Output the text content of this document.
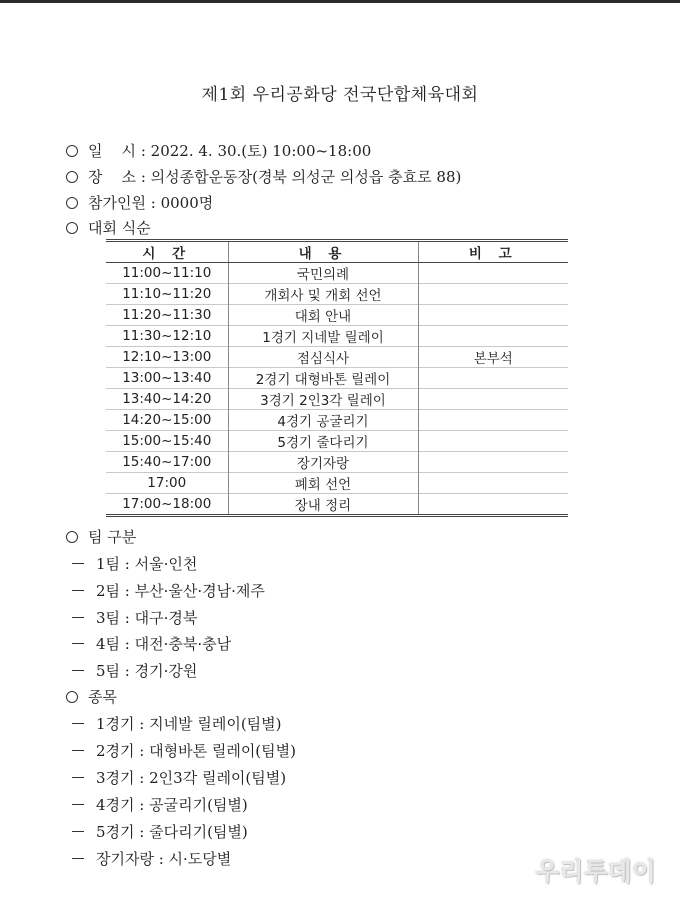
제1회 우리공화당 전국단합체육대회
일    시 : 2022. 4. 30.(토) 10:00~18:00
장    소 : 의성종합운동장(경북 의성군 의성읍 충효로 88)
참가인원 : 0000명
대회 식순
시 간	내 용	비 고
11:00~11:10	국민의례	
11:10~11:20	개회사 및 개회 선언	
11:20~11:30	대회 안내	
11:30~12:10	1경기 지네발 릴레이	
12:10~13:00	점심식사	본부석
13:00~13:40	2경기 대형바톤 릴레이	
13:40~14:20	3경기 2인3각 릴레이	
14:20~15:00	4경기 공굴리기	
15:00~15:40	5경기 줄다리기	
15:40~17:00	장기자랑	
17:00	폐회 선언	
17:00~18:00	장내 정리	
팀 구분
1팀 : 서울·인천
2팀 : 부산·울산·경남·제주
3팀 : 대구·경북
4팀 : 대전·충북·충남
5팀 : 경기·강원
종목
1경기 : 지네발 릴레이(팀별)
2경기 : 대형바톤 릴레이(팀별)
3경기 : 2인3각 릴레이(팀별)
4경기 : 공굴리기(팀별)
5경기 : 줄다리기(팀별)
장기자랑 : 시·도당별	우리투데이
